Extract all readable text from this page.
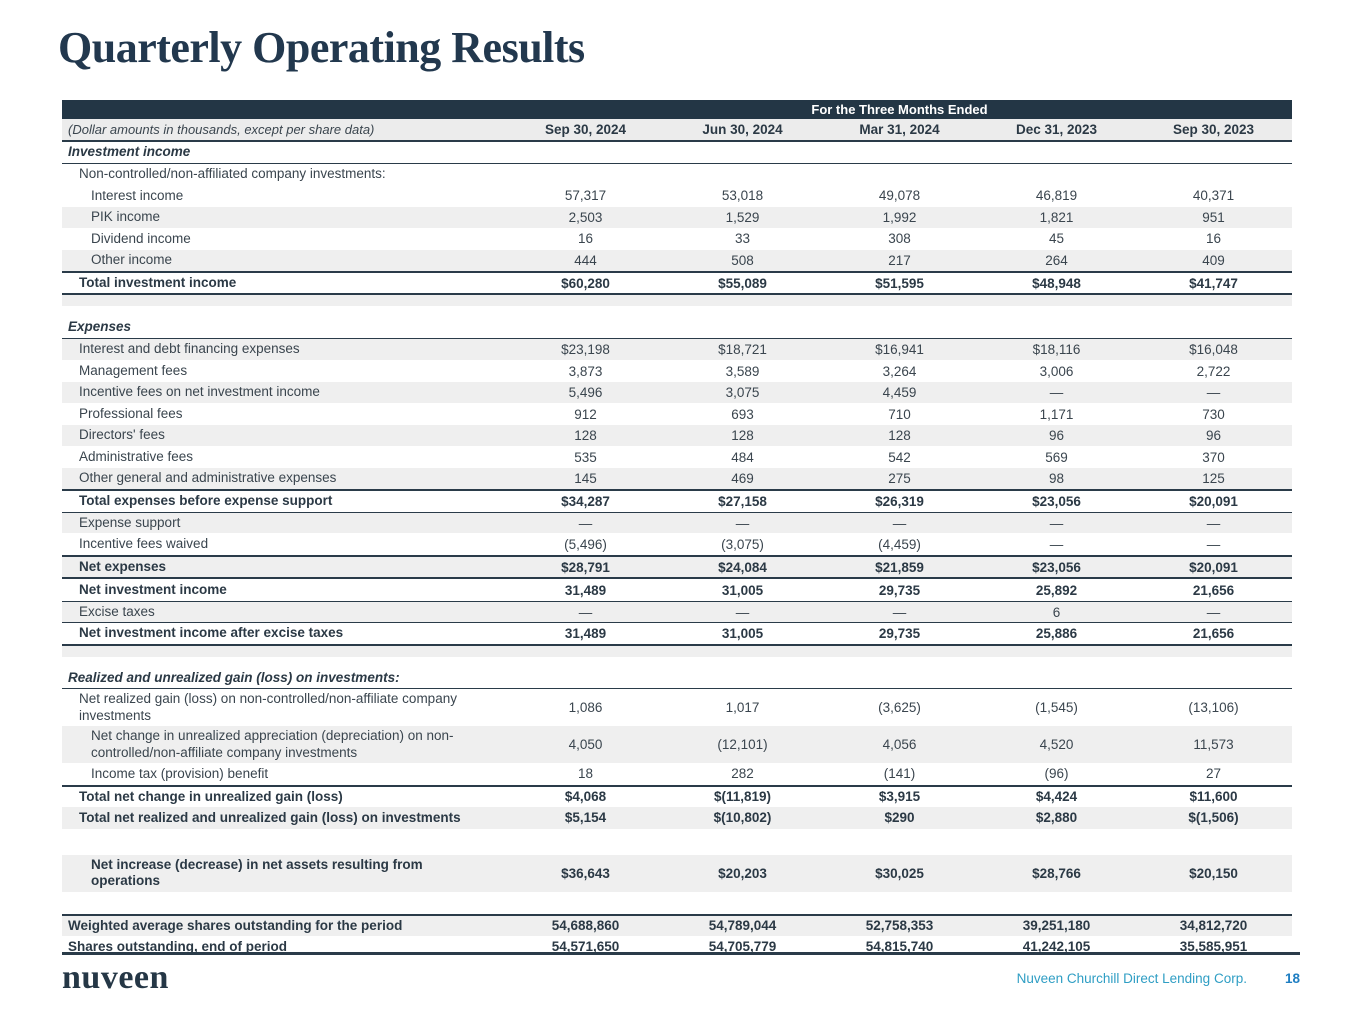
Quarterly Operating Results
For the Three Months Ended
(Dollar amounts in thousands, except per share data)	Sep 30, 2024	Jun 30, 2024	Mar 31, 2024	Dec 31, 2023	Sep 30, 2023
Investment income
Non-controlled/non-affiliated company investments:
Interest income	57,317	53,018	49,078	46,819	40,371
PIK income	2,503	1,529	1,992	1,821	951
Dividend income	16	33	308	45	16
Other income	444	508	217	264	409
Total investment income	$60,280	$55,089	$51,595	$48,948	$41,747
Expenses
Interest and debt financing expenses	$23,198	$18,721	$16,941	$18,116	$16,048
Management fees	3,873	3,589	3,264	3,006	2,722
Incentive fees on net investment income	5,496	3,075	4,459	—	—
Professional fees	912	693	710	1,171	730
Directors' fees	128	128	128	96	96
Administrative fees	535	484	542	569	370
Other general and administrative expenses	145	469	275	98	125
Total expenses before expense support	$34,287	$27,158	$26,319	$23,056	$20,091
Expense support	—	—	—	—	—
Incentive fees waived	(5,496)	(3,075)	(4,459)	—	—
Net expenses	$28,791	$24,084	$21,859	$23,056	$20,091
Net investment income	31,489	31,005	29,735	25,892	21,656
Excise taxes	—	—	—	6	—
Net investment income after excise taxes	31,489	31,005	29,735	25,886	21,656
Realized and unrealized gain (loss) on investments:
Net realized gain (loss) on non-controlled/non-affiliate company investments	1,086	1,017	(3,625)	(1,545)	(13,106)
Net change in unrealized appreciation (depreciation) on non-controlled/non-affiliate company investments	4,050	(12,101)	4,056	4,520	11,573
Income tax (provision) benefit	18	282	(141)	(96)	27
Total net change in unrealized gain (loss)	$4,068	$(11,819)	$3,915	$4,424	$11,600
Total net realized and unrealized gain (loss) on investments	$5,154	$(10,802)	$290	$2,880	$(1,506)
Net increase (decrease) in net assets resulting from operations	$36,643	$20,203	$30,025	$28,766	$20,150
Weighted average shares outstanding for the period	54,688,860	54,789,044	52,758,353	39,251,180	34,812,720
Shares outstanding, end of period	54,571,650	54,705,779	54,815,740	41,242,105	35,585,951
nuveen	Nuveen Churchill Direct Lending Corp.	18
